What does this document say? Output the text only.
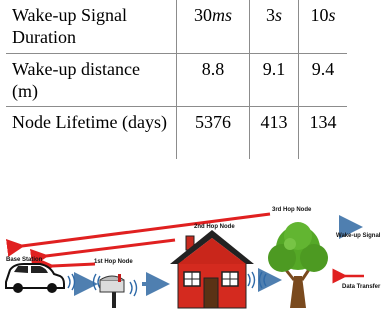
Wake-up Signal Duration	30ms	3s	10s
Wake-up distance (m)	8.8	9.1	9.4
Node Lifetime (days)	5376	413	134
Base Station	1st Hop Node
2nd Hop Node
3rd Hop Node
Wake-up Signal
Data Transfer
